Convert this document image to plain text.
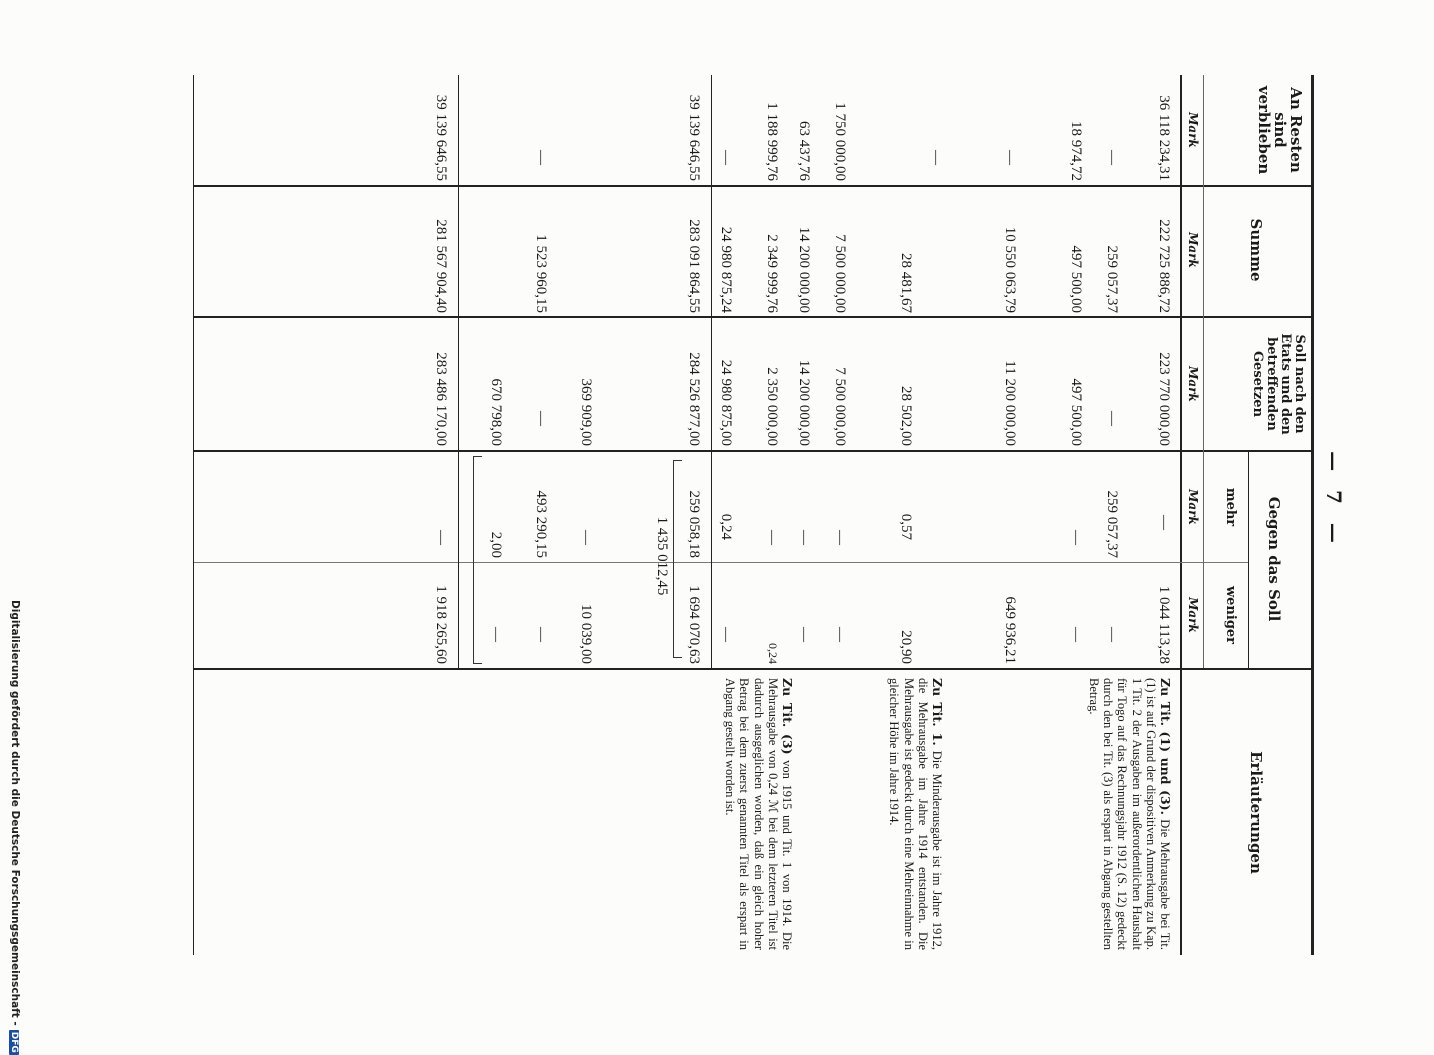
— 7 —
An Resten sind verblieben
Summe
Soll nach den Etats und den betreffenden Gesetzen
Gegen das Soll
mehr
weniger
Erläuterungen
Mark
Mark
Mark
Mark
Mark
36 118 234,31
222 725 886,72
223 770 000,00
—
1 044 113,28
—
259 057,37
—
259 057,37
—
18 974,72
497 500,00
497 500,00
—
—
—
10 550 063,79
11 200 000,00
649 936,21
—
28 481,67
28 502,00
0,57
20,90
1 750 000,00
7 500 000,00
7 500 000,00
—
—
63 437,76
14 200 000,00
14 200 000,00
—
—
1 188 999,76
2 349 999,76
2 350 000,00
—
0,24
—
24 980 875,24
24 980 875,00
0,24
—
39 139 646,55
283 091 864,55
284 526 877,00
259 058,18
1 694 070,63
1 435 012,45
369 909,00
—
10 039,00
—
1 523 960,15
—
493 290,15
—
670 798,00
2,00
—
39 139 646,55
281 567 904,40
283 486 170,00
—
1 918 265,60
Zu Tit. (1) und (3). Die Mehrausgabe bei Tit. (1) ist auf Grund der dispositiven Anmerkung zu Kap. 1 Tit. 2 der Ausgaben im außerordentlichen Haushalt für Togo auf das Rechnungsjahr 1912 (S. 12) gedeckt durch den bei Tit. (3) als erspart in Abgang gestellten Betrag.
Zu Tit. 1. Die Minderausgabe ist im Jahre 1912, die Mehrausgabe im Jahre 1914 entstanden. Die Mehrausgabe ist gedeckt durch eine Mehreinnahme in gleicher Höhe im Jahre 1914.
Zu Tit. (3) von 1915 und Tit. 1 von 1914. Die Mehrausgabe von 0,24 ℳ bei dem letzteren Titel ist dadurch ausgeglichen worden, daß ein gleich hoher Betrag bei dem zuerst genannten Titel als erspart in Abgang gestellt worden ist.
Digitalisierung gefördert durch die Deutsche Forschungsgemeinschaft -DFG
